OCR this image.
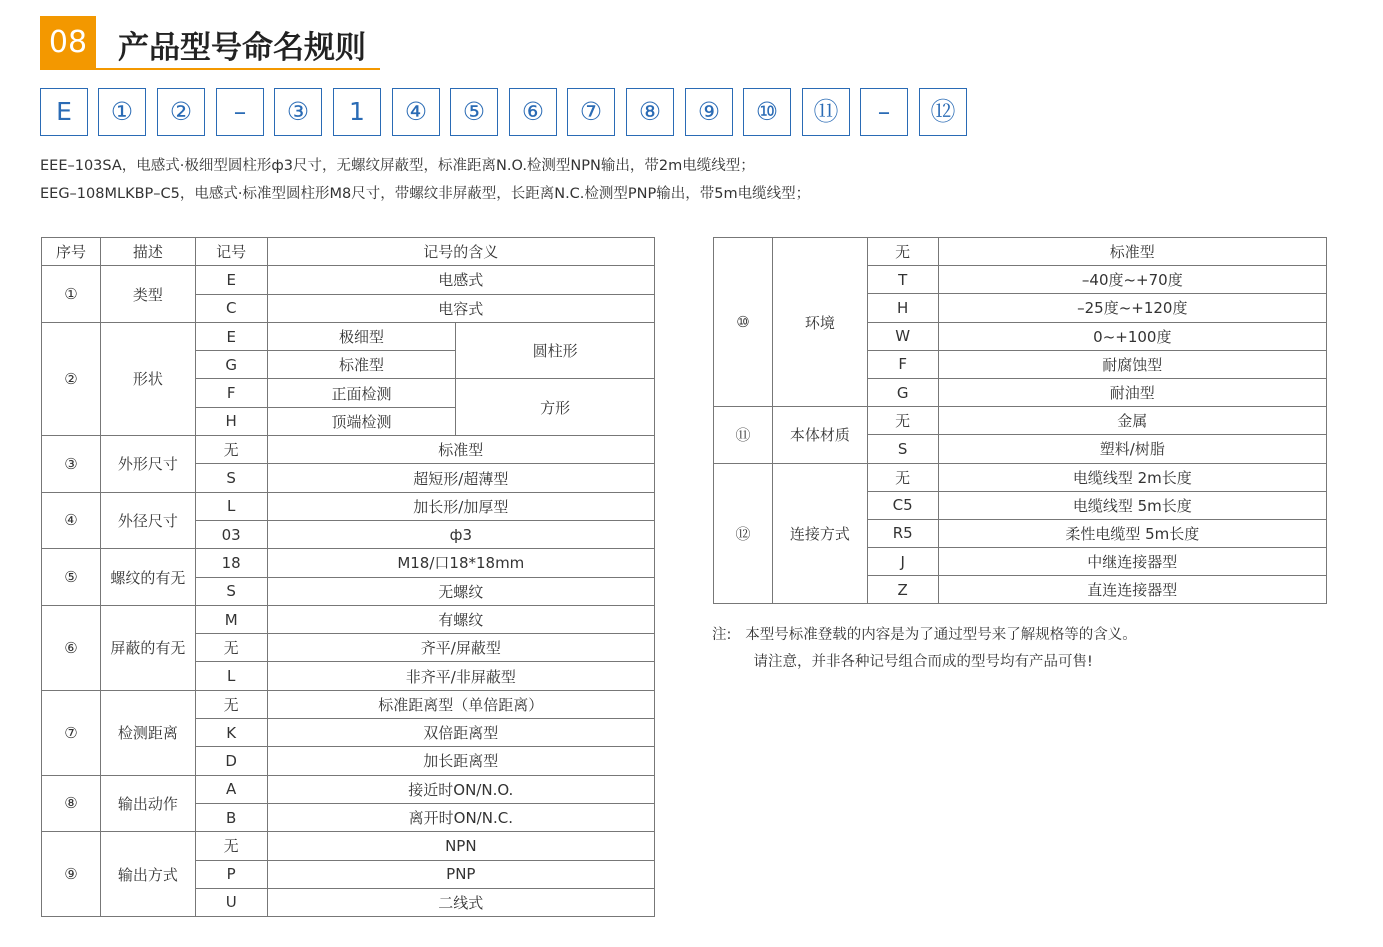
08 产品型号命名规则
E	①	②	–	③	1	④	⑤	⑥	⑦	⑧	⑨	⑩	⑪	–	⑫
EEE–103SA，电感式·极细型圆柱形ф3尺寸，无螺纹屏蔽型，标准距离N.O.检测型NPN输出，带2m电缆线型；
EEG–108MLKBP–C5，电感式·标准型圆柱形M8尺寸，带螺纹非屏蔽型，长距离N.C.检测型PNP输出，带5m电缆线型；
序号	描述	记号	记号的含义	
①	类型	E	电感式	
		C	电容式	
②	形状	E	极细型	圆柱形
		G	标准型	
		F	正面检测	方形
		H	顶端检测	
③	外形尺寸	无	标准型	
		S	超短形/超薄型	
④	外径尺寸	L	加长形/加厚型	
		03	ф3	
⑤	螺纹的有无	18	M18/口18*18mm	
		S	无螺纹	
⑥	屏蔽的有无	M	有螺纹	
		无	齐平/屏蔽型	
		L	非齐平/非屏蔽型	
⑦	检测距离	无	标准距离型（单倍距离）	
		K	双倍距离型	
		D	加长距离型	
⑧	输出动作	A	接近时ON/N.O.	
		B	离开时ON/N.C.	
⑨	输出方式	无	NPN	
		P	PNP	
		U	二线式	
⑩	环境	无	标准型
		T	–40度~+70度
		H	–25度~+120度
		W	0~+100度
		F	耐腐蚀型
		G	耐油型
⑪	本体材质	无	金属
		S	塑料/树脂
⑫	连接方式	无	电缆线型 2m长度
		C5	电缆线型 5m长度
		R5	柔性电缆型 5m长度
		J	中继连接器型
		Z	直连连接器型
注:   本型号标准登载的内容是为了通过型号来了解规格等的含义。
请注意，并非各种记号组合而成的型号均有产品可售!
